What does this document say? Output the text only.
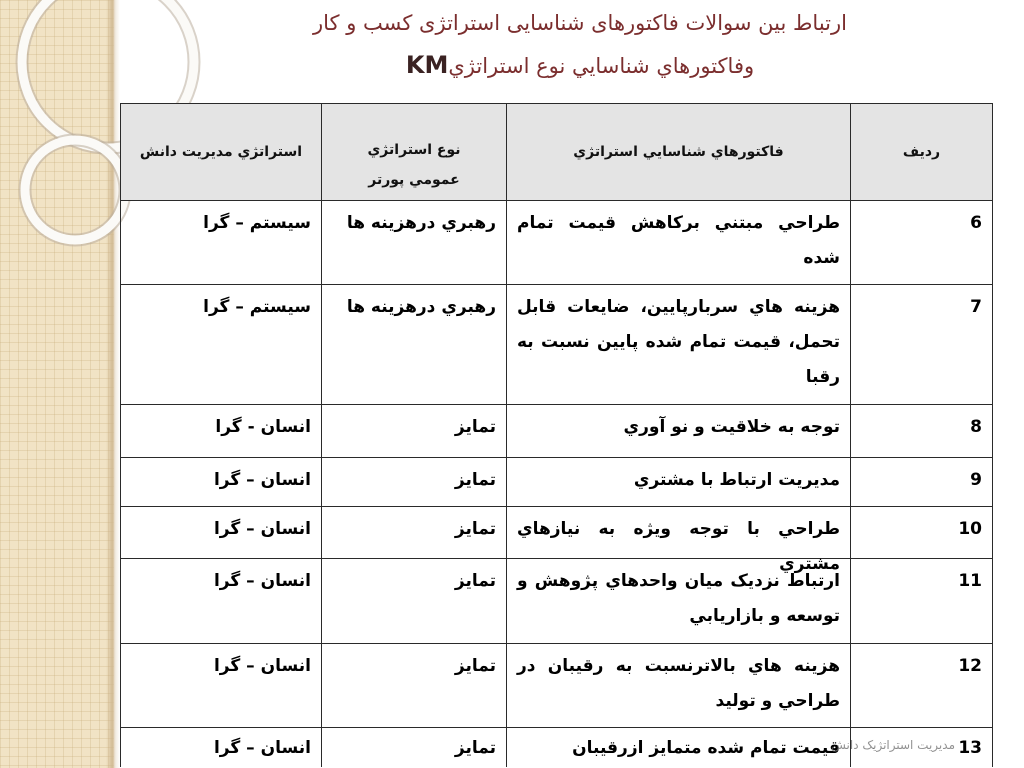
ارتباط بین سوالات فاکتورهای شناسایی استراتژی کسب و کار
وفاکتورهاي شناسايي نوع استراتژيKM
رديف
فاکتورهاي شناسايي استراتژي
نوع استراتژي
عمومي پورتر
استراتژي مديريت دانش
6
طراحي مبتني برکاهش قيمت تمام شده
رهبري درهزينه ها
سيستم – گرا
7
هزينه هاي سربارپايين، ضايعات قابل تحمل، قيمت تمام شده پايين نسبت به رقبا
رهبري درهزينه ها
سيستم – گرا
8
توجه به خلاقيت و نو آوري
تمايز
انسان - گرا
9
مديريت ارتباط با مشتري
تمايز
انسان – گرا
10
طراحي با توجه ويژه به نيازهاي مشتري
تمايز
انسان – گرا
11
ارتباط نزديک ميان واحدهاي پژوهش و توسعه و بازاريابي
تمايز
انسان – گرا
12
هزينه هاي بالاترنسبت به رقيبان در طراحي و توليد
تمايز
انسان – گرا
13
قيمت تمام شده متمايز ازرقيبان
تمايز
انسان – گرا	مدیریت استراتژیک دانش
